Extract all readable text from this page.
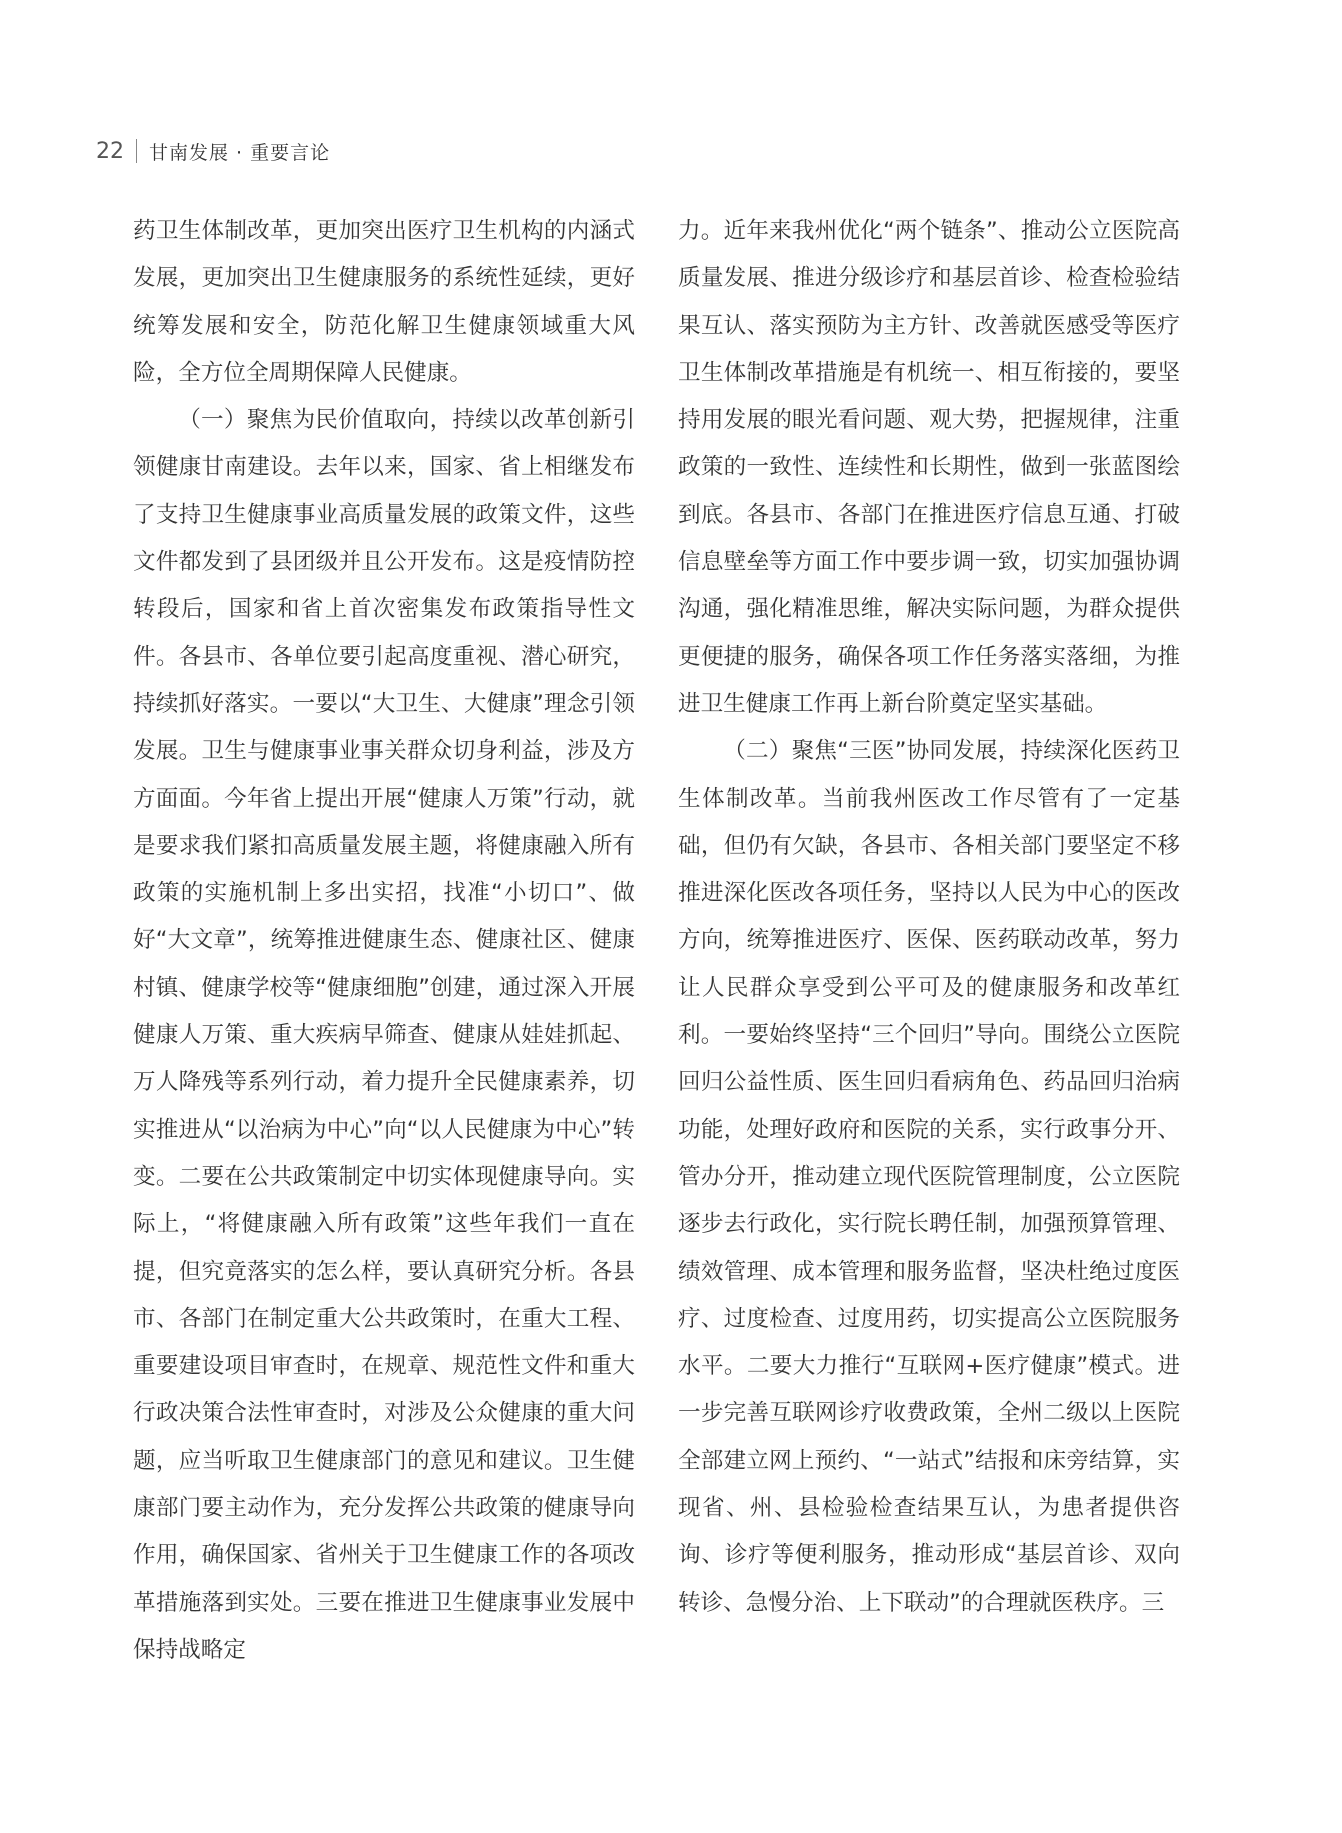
22 甘南发展 · 重要言论

药卫生体制改革，更加突出医疗卫生机构的内涵式发展，更加突出卫生健康服务的系统性延续，更好统筹发展和安全，防范化解卫生健康领域重大风险，全方位全周期保障人民健康。

（一）聚焦为民价值取向，持续以改革创新引领健康甘南建设。去年以来，国家、省上相继发布了支持卫生健康事业高质量发展的政策文件，这些文件都发到了县团级并且公开发布。这是疫情防控转段后，国家和省上首次密集发布政策指导性文件。各县市、各单位要引起高度重视、潜心研究，持续抓好落实。一要以“大卫生、大健康”理念引领发展。卫生与健康事业事关群众切身利益，涉及方方面面。今年省上提出开展“健康人万策”行动，就是要求我们紧扣高质量发展主题，将健康融入所有政策的实施机制上多出实招，找准“小切口”、做好“大文章”，统筹推进健康生态、健康社区、健康村镇、健康学校等“健康细胞”创建，通过深入开展健康人万策、重大疾病早筛查、健康从娃娃抓起、万人降残等系列行动，着力提升全民健康素养，切实推进从“以治病为中心”向“以人民健康为中心”转变。二要在公共政策制定中切实体现健康导向。实际上，“将健康融入所有政策”这些年我们一直在提，但究竟落实的怎么样，要认真研究分析。各县市、各部门在制定重大公共政策时，在重大工程、重要建设项目审查时，在规章、规范性文件和重大行政决策合法性审查时，对涉及公众健康的重大问题，应当听取卫生健康部门的意见和建议。卫生健康部门要主动作为，充分发挥公共政策的健康导向作用，确保国家、省州关于卫生健康工作的各项改革措施落到实处。三要在推进卫生健康事业发展中保持战略定

力。近年来我州优化“两个链条”、推动公立医院高质量发展、推进分级诊疗和基层首诊、检查检验结果互认、落实预防为主方针、改善就医感受等医疗卫生体制改革措施是有机统一、相互衔接的，要坚持用发展的眼光看问题、观大势，把握规律，注重政策的一致性、连续性和长期性，做到一张蓝图绘到底。各县市、各部门在推进医疗信息互通、打破信息壁垒等方面工作中要步调一致，切实加强协调沟通，强化精准思维，解决实际问题，为群众提供更便捷的服务，确保各项工作任务落实落细，为推进卫生健康工作再上新台阶奠定坚实基础。

（二）聚焦“三医”协同发展，持续深化医药卫生体制改革。当前我州医改工作尽管有了一定基础，但仍有欠缺，各县市、各相关部门要坚定不移推进深化医改各项任务，坚持以人民为中心的医改方向，统筹推进医疗、医保、医药联动改革，努力让人民群众享受到公平可及的健康服务和改革红利。一要始终坚持“三个回归”导向。围绕公立医院回归公益性质、医生回归看病角色、药品回归治病功能，处理好政府和医院的关系，实行政事分开、管办分开，推动建立现代医院管理制度，公立医院逐步去行政化，实行院长聘任制，加强预算管理、绩效管理、成本管理和服务监督，坚决杜绝过度医疗、过度检查、过度用药，切实提高公立医院服务水平。二要大力推行“互联网+医疗健康”模式。进一步完善互联网诊疗收费政策，全州二级以上医院全部建立网上预约、“一站式”结报和床旁结算，实现省、州、县检验检查结果互认，为患者提供咨询、诊疗等便利服务，推动形成“基层首诊、双向转诊、急慢分治、上下联动”的合理就医秩序。三
